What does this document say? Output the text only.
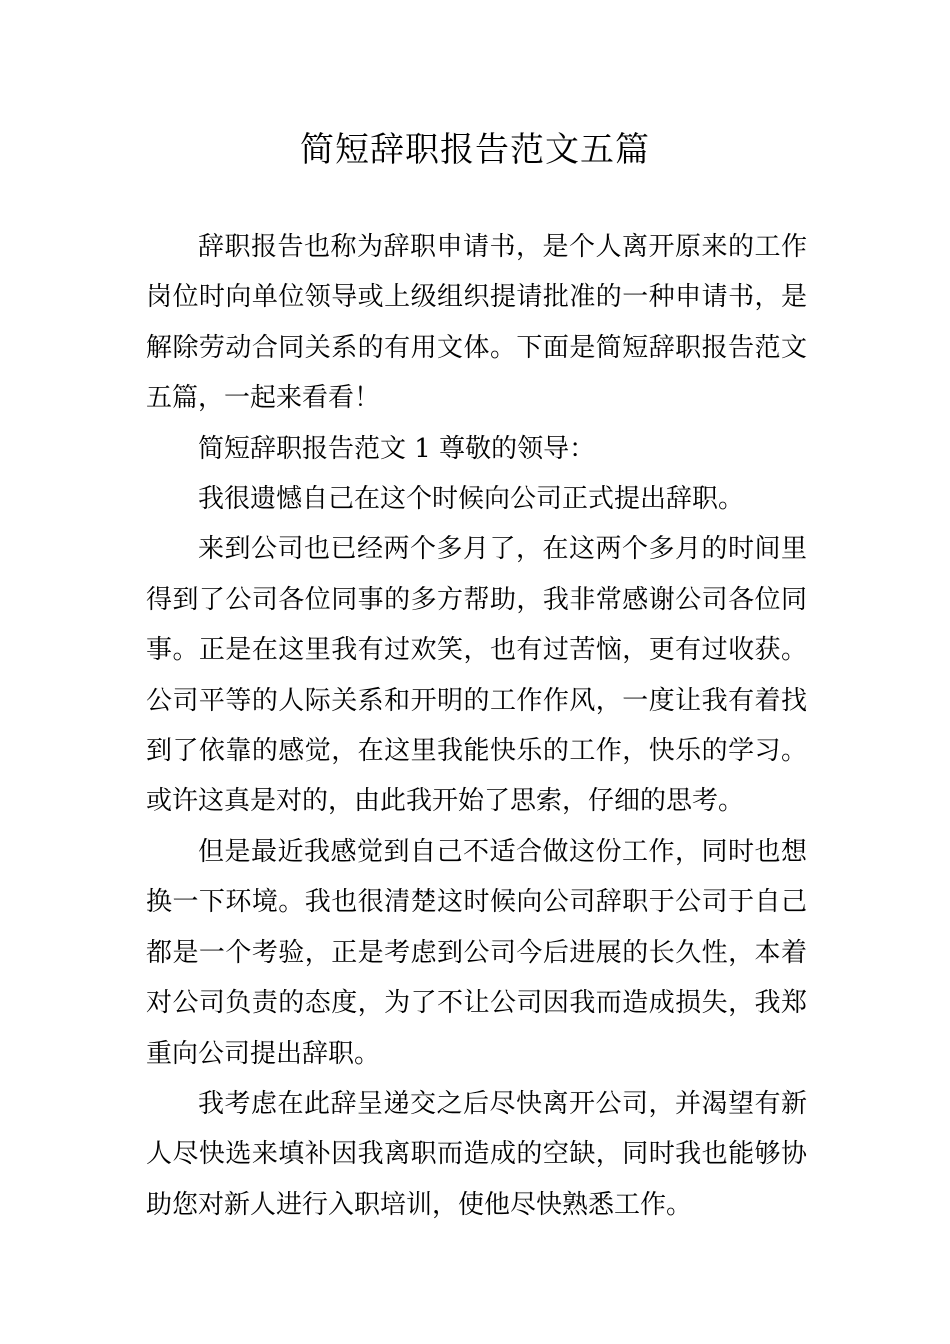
简短辞职报告范文五篇

辞职报告也称为辞职申请书，是个人离开原来的工作岗位时向单位领导或上级组织提请批准的一种申请书，是解除劳动合同关系的有用文体。下面是简短辞职报告范文五篇，一起来看看！

简短辞职报告范文 1 尊敬的领导：

我很遗憾自己在这个时候向公司正式提出辞职。

来到公司也已经两个多月了，在这两个多月的时间里得到了公司各位同事的多方帮助，我非常感谢公司各位同事。正是在这里我有过欢笑，也有过苦恼，更有过收获。公司平等的人际关系和开明的工作作风，一度让我有着找到了依靠的感觉，在这里我能快乐的工作，快乐的学习。或许这真是对的，由此我开始了思索，仔细的思考。

但是最近我感觉到自己不适合做这份工作，同时也想换一下环境。我也很清楚这时候向公司辞职于公司于自己都是一个考验，正是考虑到公司今后进展的长久性，本着对公司负责的态度，为了不让公司因我而造成损失，我郑重向公司提出辞职。

我考虑在此辞呈递交之后尽快离开公司，并渴望有新人尽快选来填补因我离职而造成的空缺，同时我也能够协助您对新人进行入职培训，使他尽快熟悉工作。
